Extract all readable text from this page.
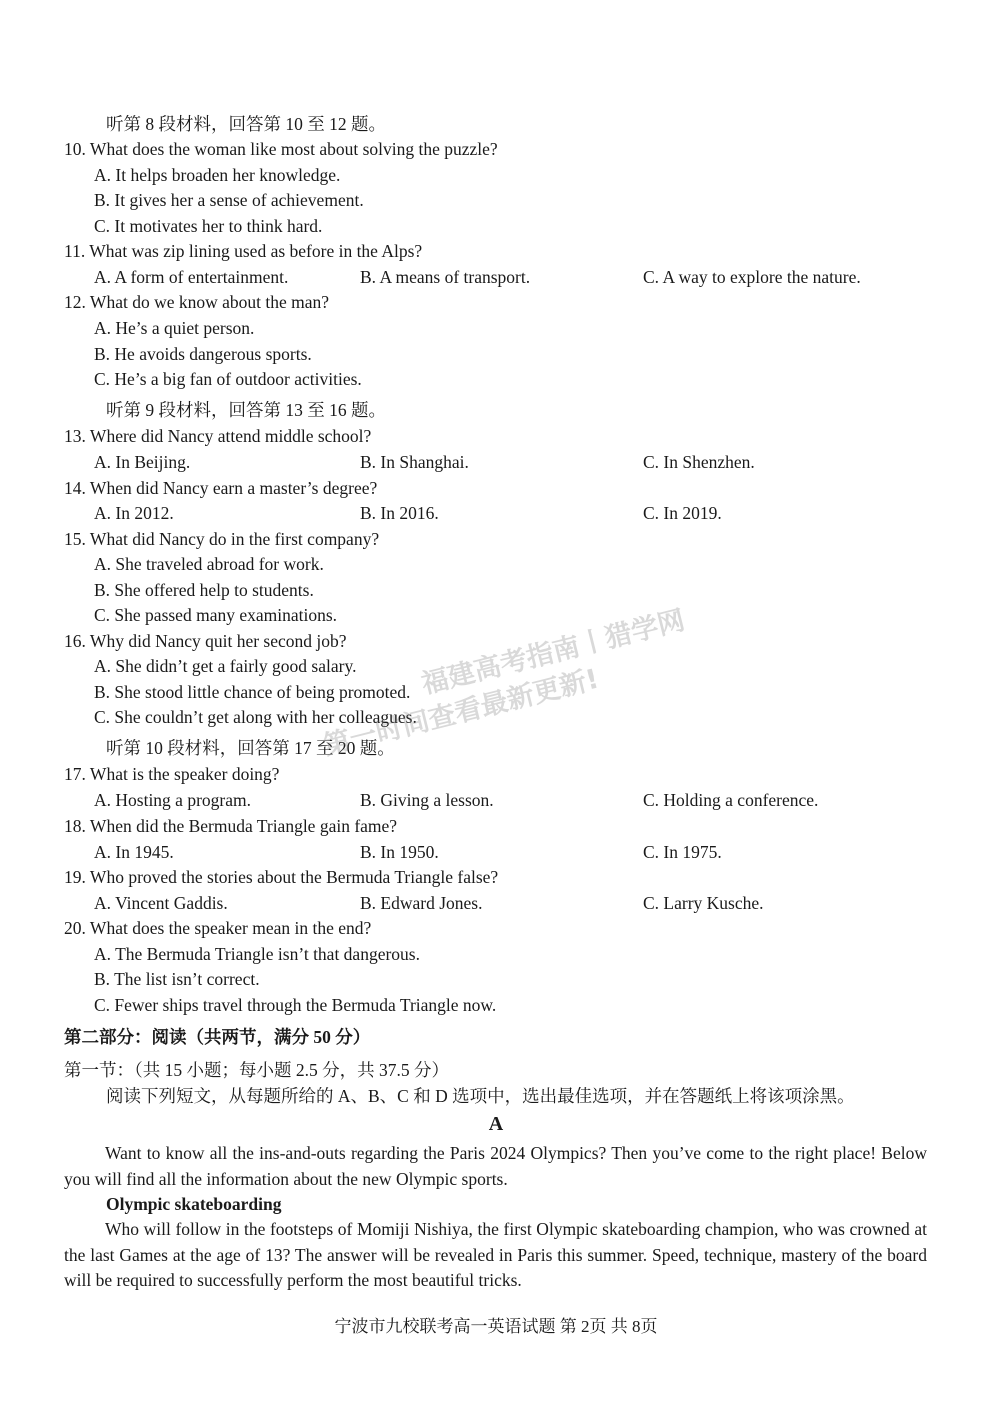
听第 8 段材料，回答第 10 至 12 题。
10. What does the woman like most about solving the puzzle?
A. It helps broaden her knowledge.
B. It gives her a sense of achievement.
C. It motivates her to think hard.
11. What was zip lining used as before in the Alps?
A. A form of entertainment.	B. A means of transport.	C. A way to explore the nature.
12. What do we know about the man?
A. He’s a quiet person.
B. He avoids dangerous sports.
C. He’s a big fan of outdoor activities.
听第 9 段材料，回答第 13 至 16 题。
13. Where did Nancy attend middle school?
A. In Beijing.	B. In Shanghai.	C. In Shenzhen.
14. When did Nancy earn a master’s degree?
A. In 2012.	B. In 2016.	C. In 2019.
15. What did Nancy do in the first company?
A. She traveled abroad for work.
B. She offered help to students.
C. She passed many examinations.
16. Why did Nancy quit her second job?
A. She didn’t get a fairly good salary.
B. She stood little chance of being promoted.
C. She couldn’t get along with her colleagues.
听第 10 段材料，回答第 17 至 20 题。
17. What is the speaker doing?
A. Hosting a program.	B. Giving a lesson.	C. Holding a conference.
18. When did the Bermuda Triangle gain fame?
A. In 1945.	B. In 1950.	C. In 1975.
19. Who proved the stories about the Bermuda Triangle false?
A. Vincent Gaddis.	B. Edward Jones.	C. Larry Kusche.
20. What does the speaker mean in the end?
A. The Bermuda Triangle isn’t that dangerous.
B. The list isn’t correct.
C. Fewer ships travel through the Bermuda Triangle now.
第二部分：阅读（共两节，满分 50 分）
第一节：（共 15 小题；每小题 2.5 分，共 37.5 分）
阅读下列短文，从每题所给的 A、B、C 和 D 选项中，选出最佳选项，并在答题纸上将该项涂黑。
A
Want to know all the ins-and-outs regarding the Paris 2024 Olympics? Then you’ve come to the right place! Below you will find all the information about the new Olympic sports.
Olympic skateboarding
Who will follow in the footsteps of Momiji Nishiya, the first Olympic skateboarding champion, who was crowned at the last Games at the age of 13? The answer will be revealed in Paris this summer. Speed, technique, mastery of the board will be required to successfully perform the most beautiful tricks.
宁波市九校联考高一英语试题 第 2页 共 8页
福建高考指南丨猎学网
第一时间查看最新更新!
